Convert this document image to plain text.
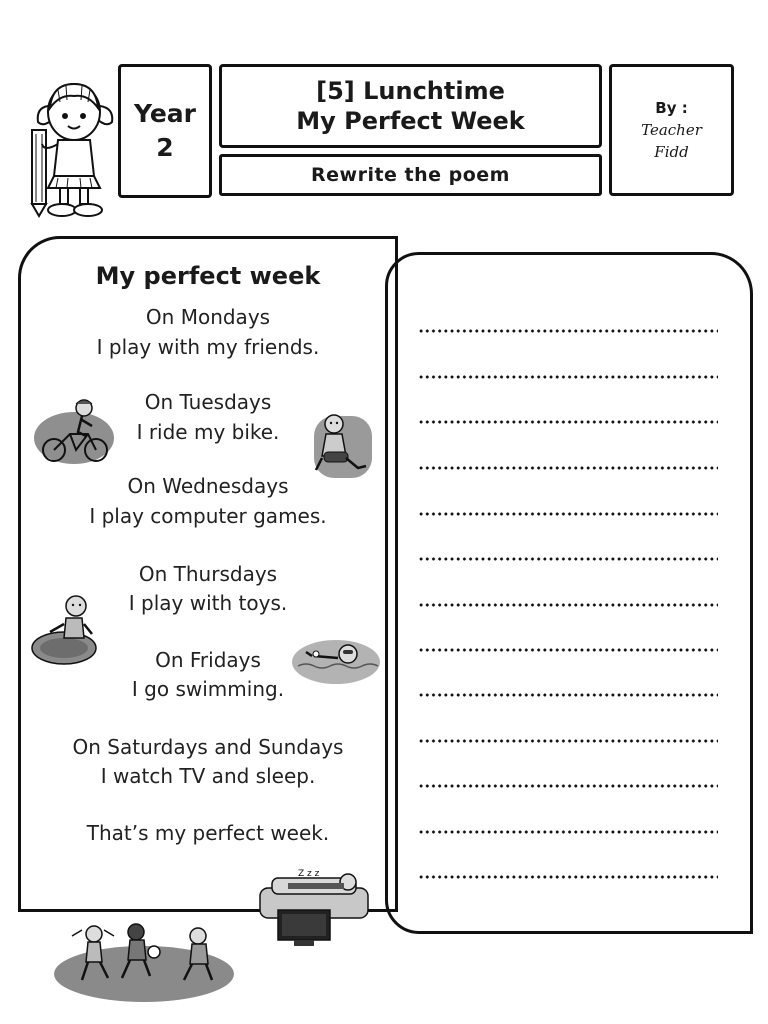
Year
2
[5] Lunchtime
My Perfect Week
Rewrite the poem
By :
Teacher
Fidd
My perfect week
On Mondays
I play with my friends.
On Tuesdays
I ride my bike.
On Wednesdays
I play computer games.
On Thursdays
I play with toys.
On Fridays
I go swimming.
On Saturdays and Sundays
I watch TV and sleep.
That’s my perfect week.
Z z z
